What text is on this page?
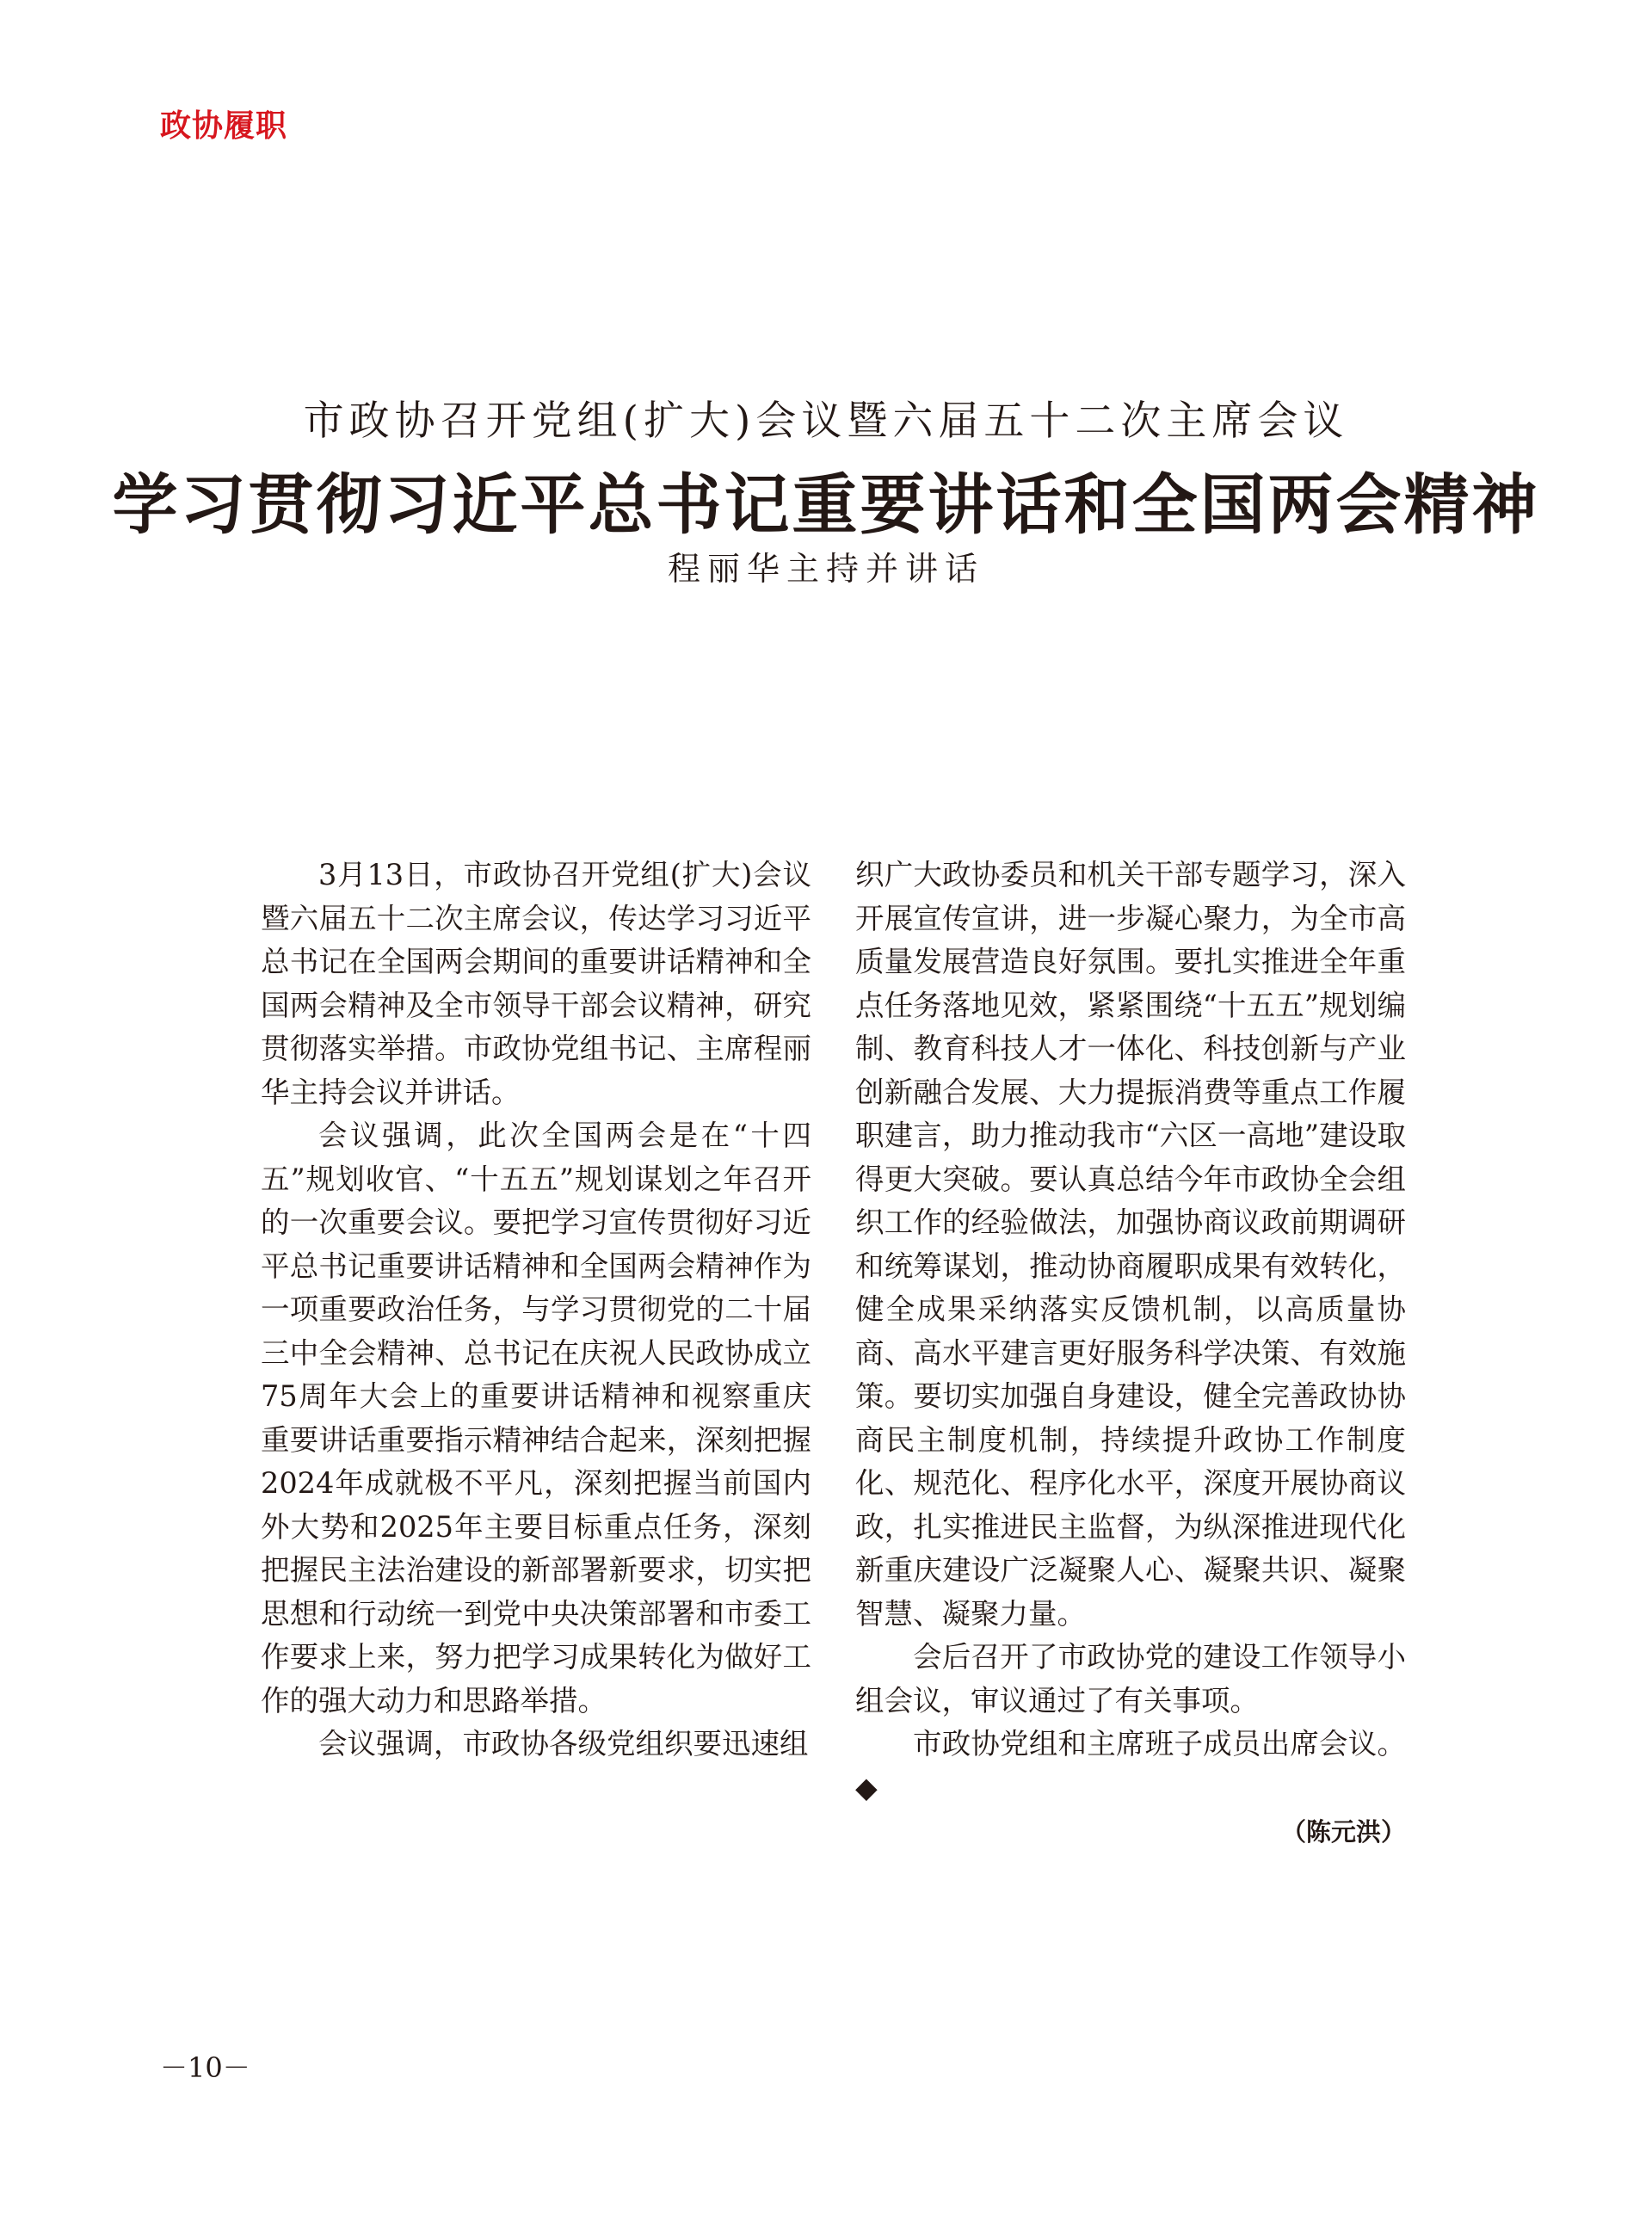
政协履职
市政协召开党组(扩大)会议暨六届五十二次主席会议
学习贯彻习近平总书记重要讲话和全国两会精神
程丽华主持并讲话

3月13日，市政协召开党组(扩大)会议暨六届五十二次主席会议，传达学习习近平总书记在全国两会期间的重要讲话精神和全国两会精神及全市领导干部会议精神，研究贯彻落实举措。市政协党组书记、主席程丽华主持会议并讲话。

会议强调，此次全国两会是在“十四五”规划收官、“十五五”规划谋划之年召开的一次重要会议。要把学习宣传贯彻好习近平总书记重要讲话精神和全国两会精神作为一项重要政治任务，与学习贯彻党的二十届三中全会精神、总书记在庆祝人民政协成立75周年大会上的重要讲话精神和视察重庆重要讲话重要指示精神结合起来，深刻把握2024年成就极不平凡，深刻把握当前国内外大势和2025年主要目标重点任务，深刻把握民主法治建设的新部署新要求，切实把思想和行动统一到党中央决策部署和市委工作要求上来，努力把学习成果转化为做好工作的强大动力和思路举措。

会议强调，市政协各级党组织要迅速组

织广大政协委员和机关干部专题学习，深入开展宣传宣讲，进一步凝心聚力，为全市高质量发展营造良好氛围。要扎实推进全年重点任务落地见效，紧紧围绕“十五五”规划编制、教育科技人才一体化、科技创新与产业创新融合发展、大力提振消费等重点工作履职建言，助力推动我市“六区一高地”建设取得更大突破。要认真总结今年市政协全会组织工作的经验做法，加强协商议政前期调研和统筹谋划，推动协商履职成果有效转化，健全成果采纳落实反馈机制，以高质量协商、高水平建言更好服务科学决策、有效施策。要切实加强自身建设，健全完善政协协商民主制度机制，持续提升政协工作制度化、规范化、程序化水平，深度开展协商议政，扎实推进民主监督，为纵深推进现代化新重庆建设广泛凝聚人心、凝聚共识、凝聚智慧、凝聚力量。

会后召开了市政协党的建设工作领导小组会议，审议通过了有关事项。

市政协党组和主席班子成员出席会议。◆

（陈元洪）
－10－
